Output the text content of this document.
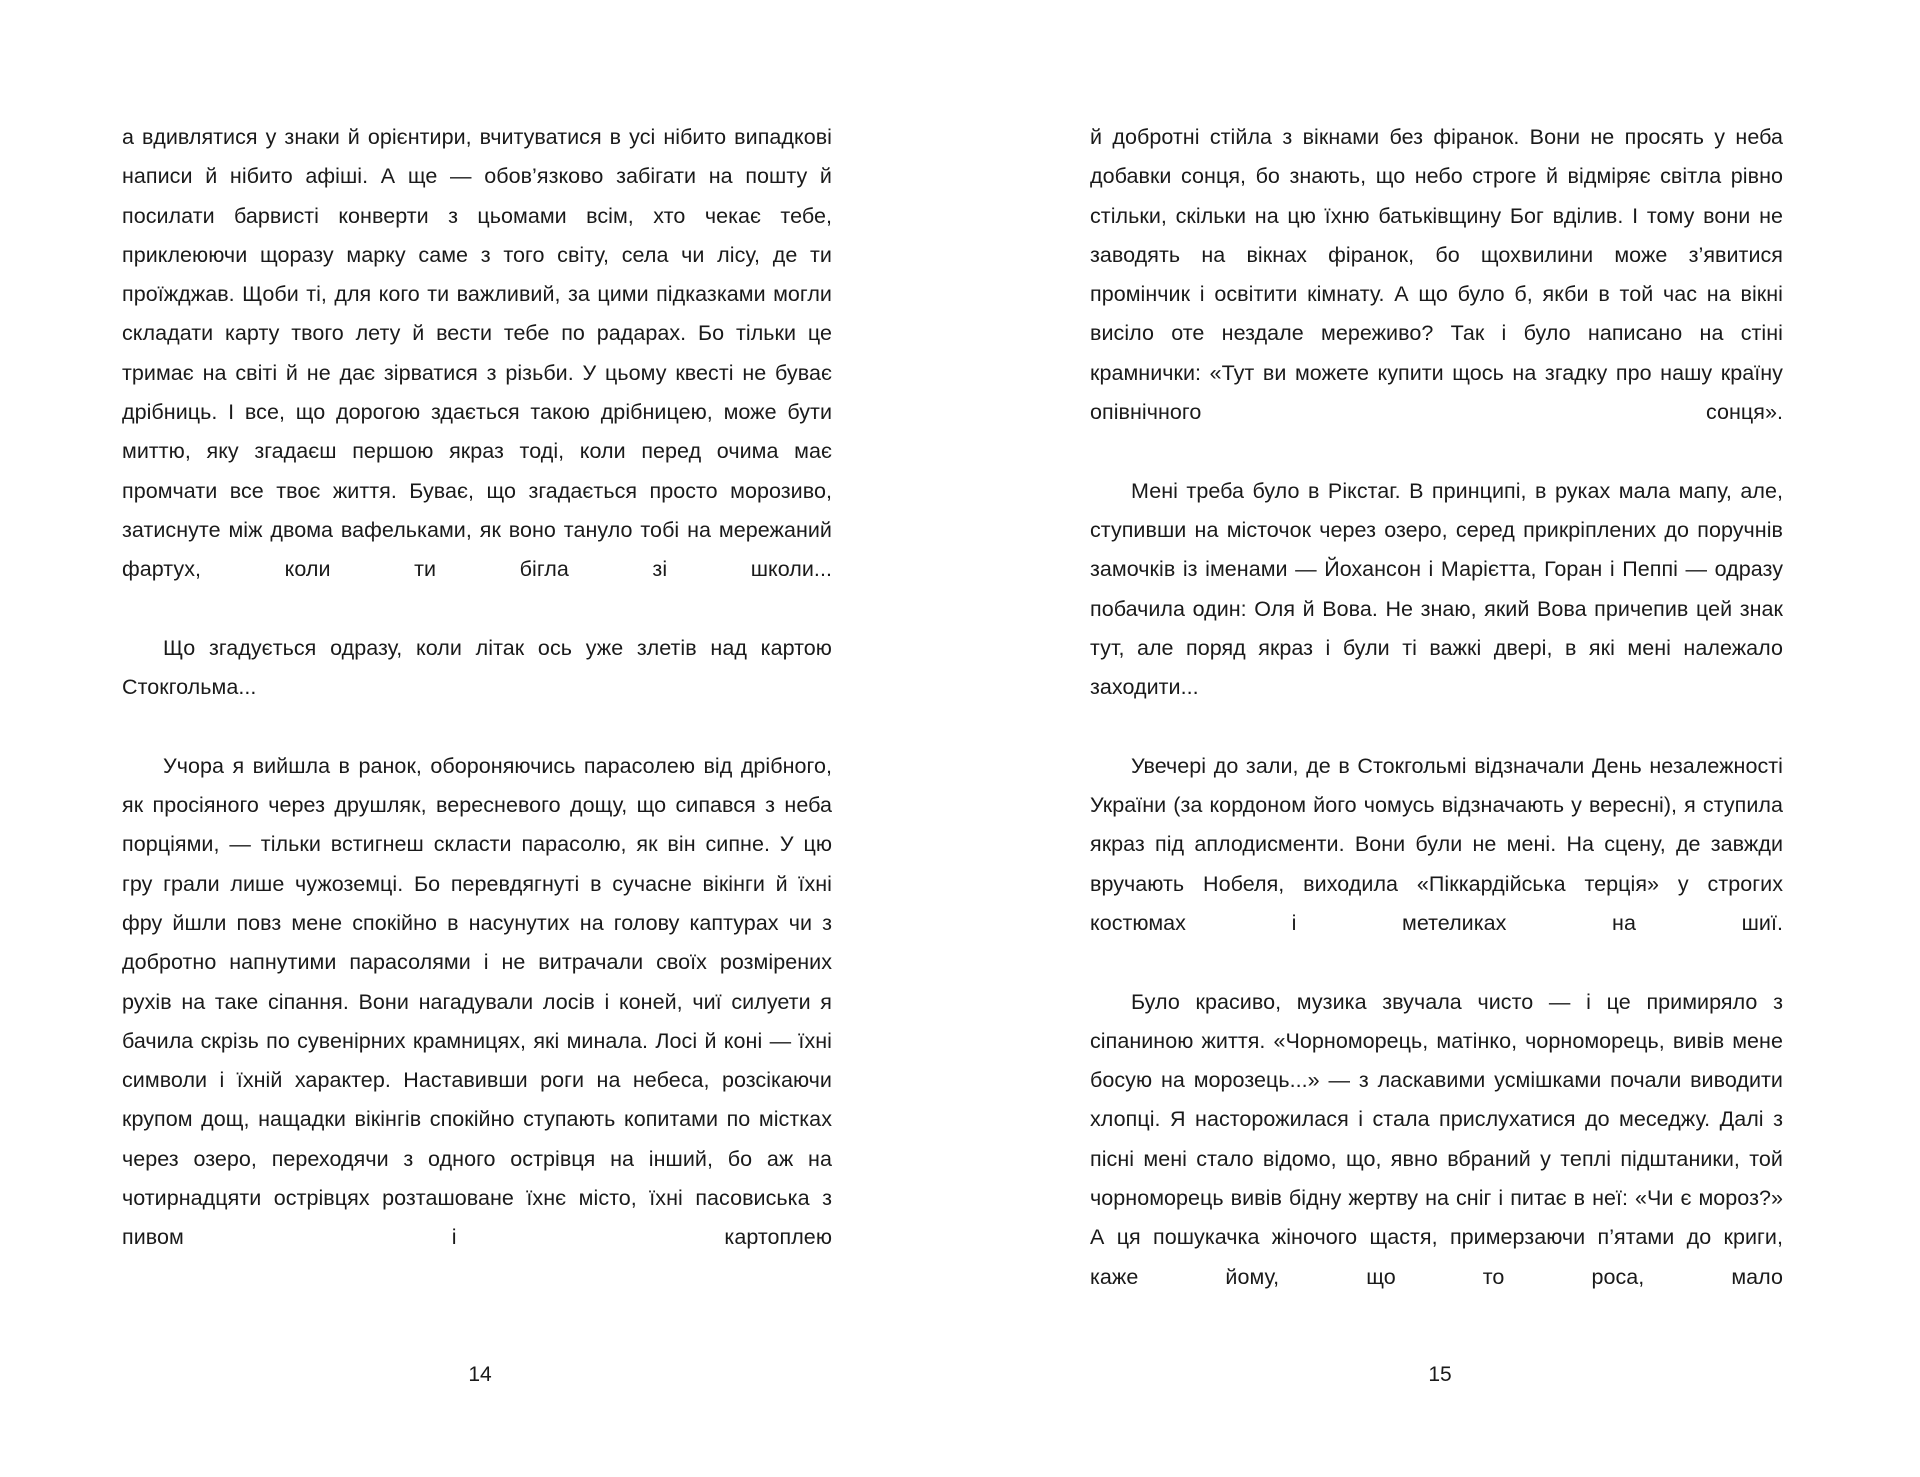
а вдивлятися у знаки й орієнтири, вчитуватися в усі нібито випадкові написи й нібито афіші. А ще — обов’язково забігати на пошту й посилати барвисті конверти з цьомами всім, хто чекає тебе, приклеюючи щоразу марку саме з того світу, села чи лісу, де ти проїжджав. Щоби ті, для кого ти важливий, за цими підказками могли складати карту твого лету й вести тебе по радарах. Бо тільки це тримає на світі й не дає зірватися з різьби. У цьому квесті не буває дрібниць. І все, що дорогою здається такою дрібницею, може бути миттю, яку згадаєш першою якраз тоді, коли перед очима має промчати все твоє життя. Буває, що згадається просто морозиво, затиснуте між двома вафельками, як воно тануло тобі на мережаний фартух, коли ти бігла зі школи...

Що згадується одразу, коли літак ось уже злетів над картою Стокгольма...

Учора я вийшла в ранок, обороняючись парасолею від дрібного, як просіяного через друшляк, вересневого дощу, що сипався з неба порціями, — тільки встигнеш скласти парасолю, як він сипне. У цю гру грали лише чужоземці. Бо перевдягнуті в сучасне вікінги й їхні фру йшли повз мене спокійно в насунутих на голову каптурах чи з добротно напнутими парасолями і не витрачали своїх розмірених рухів на таке сіпання. Вони нагадували лосів і коней, чиї силуети я бачила скрізь по сувенірних крамницях, які минала. Лосі й коні — їхні символи і їхній характер. Наставивши роги на небеса, розсікаючи крупом дощ, нащадки вікінгів спокійно ступають копитами по містках через озеро, переходячи з одного острівця на інший, бо аж на чотирнадцяти острівцях розташоване їхнє місто, їхні пасовиська з пивом і картоплею

14

й добротні стійла з вікнами без фіранок. Вони не просять у неба добавки сонця, бо знають, що небо строге й відміряє світла рівно стільки, скільки на цю їхню батьківщину Бог вділив. І тому вони не заводять на вікнах фіранок, бо щохвилини може з’явитися промінчик і освітити кімнату. А що було б, якби в той час на вікні висіло оте нездале мереживо? Так і було написано на стіні крамнички: «Тут ви можете купити щось на згадку про нашу країну опівнічного сонця».

Мені треба було в Рікстаг. В принципі, в руках мала мапу, але, ступивши на місточок через озеро, серед прикріплених до поручнів замочків із іменами — Йохансон і Марієтта, Горан і Пеппі — одразу побачила один: Оля й Вова. Не знаю, який Вова причепив цей знак тут, але поряд якраз і були ті важкі двері, в які мені належало заходити...

Увечері до зали, де в Стокгольмі відзначали День незалежності України (за кордоном його чомусь відзначають у вересні), я ступила якраз під аплодисменти. Вони були не мені. На сцену, де завжди вручають Нобеля, виходила «Піккардійська терція» у строгих костюмах і метеликах на шиї.

Було красиво, музика звучала чисто — і це примиряло з сіпаниною життя. «Чорноморець, матінко, чорноморець, вивів мене босую на морозець...» — з ласкавими усмішками почали виводити хлопці. Я насторожилася і стала прислухатися до меседжу. Далі з пісні мені стало відомо, що, явно вбраний у теплі підштаники, той чорноморець вивів бідну жертву на сніг і питає в неї: «Чи є мороз?» А ця пошукачка жіночого щастя, примерзаючи п’ятами до криги, каже йому, що то роса, мало

15
